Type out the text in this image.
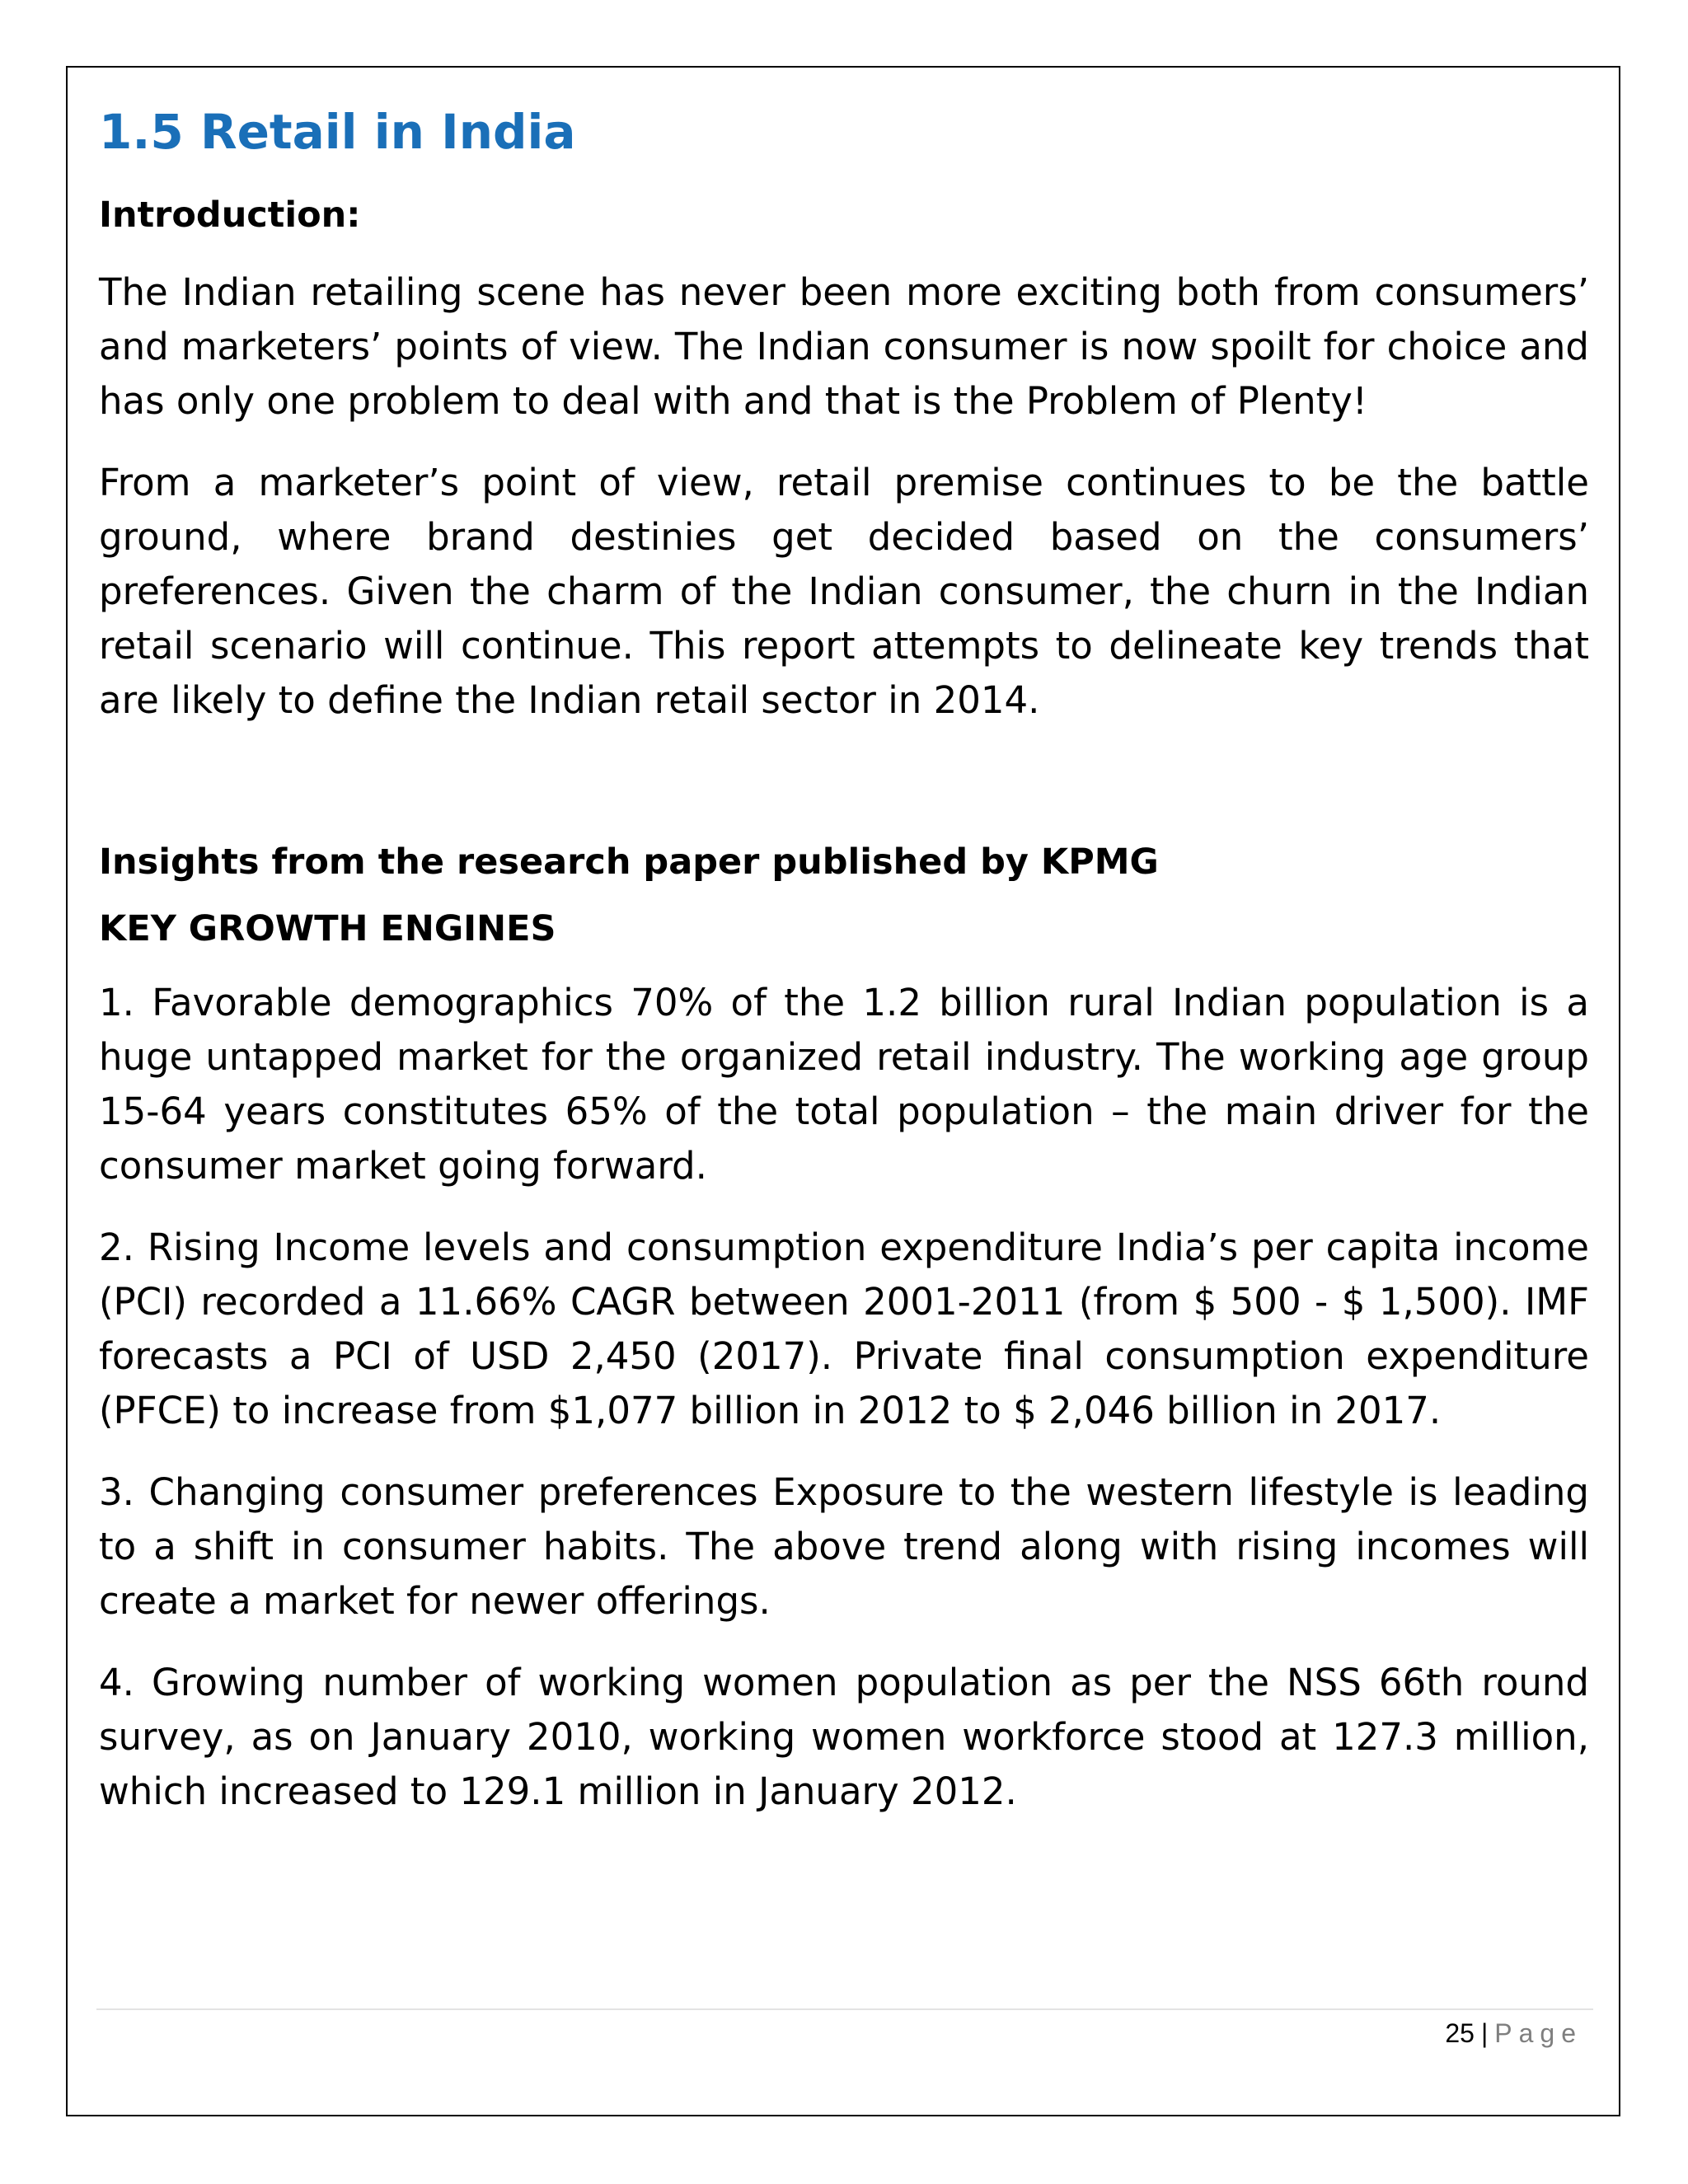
1.5 Retail in India
Introduction:

The Indian retailing scene has never been more exciting both from consumers’ and marketers’ points of view. The Indian consumer is now spoilt for choice and has only one problem to deal with and that is the Problem of Plenty!

From a marketer’s point of view, retail premise continues to be the battle ground, where brand destinies get decided based on the consumers’ preferences. Given the charm of the Indian consumer, the churn in the Indian retail scenario will continue. This report attempts to delineate key trends that are likely to define the Indian retail sector in 2014.

Insights from the research paper published by KPMG
KEY GROWTH ENGINES

1. Favorable demographics 70% of the 1.2 billion rural Indian population is a huge untapped market for the organized retail industry. The working age group 15-64 years constitutes 65% of the total population – the main driver for the consumer market going forward.

2. Rising Income levels and consumption expenditure India’s per capita income (PCI) recorded a 11.66% CAGR between 2001-2011 (from $ 500 - $ 1,500). IMF forecasts a PCI of USD 2,450 (2017). Private final consumption expenditure (PFCE) to increase from $1,077 billion in 2012 to $ 2,046 billion in 2017.

3. Changing consumer preferences Exposure to the western lifestyle is leading to a shift in consumer habits. The above trend along with rising incomes will create a market for newer offerings.

4. Growing number of working women population as per the NSS 66th round survey, as on January 2010, working women workforce stood at 127.3 million, which increased to 129.1 million in January 2012.

25 | Page
